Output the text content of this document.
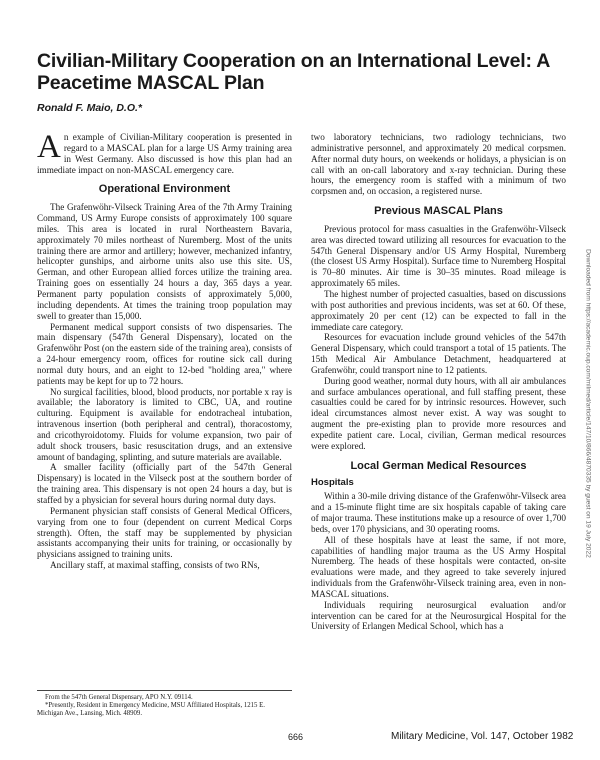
Civilian-Military Cooperation on an International Level: A Peacetime MASCAL Plan
Ronald F. Maio, D.O.*

An example of Civilian-Military cooperation is presented in regard to a MASCAL plan for a large US Army training area in West Germany. Also discussed is how this plan had an immediate impact on non-MASCAL emergency care.

Operational Environment

The Grafenwöhr-Vilseck Training Area of the 7th Army Training Command, US Army Europe consists of approximately 100 square miles. This area is located in rural Northeastern Bavaria, approximately 70 miles northeast of Nuremberg. Most of the units training there are armor and artillery; however, mechanized infantry, helicopter gunships, and airborne units also use this site. US, German, and other European allied forces utilize the training area. Training goes on essentially 24 hours a day, 365 days a year. Permanent party population consists of approximately 5,000, including dependents. At times the training troop population may swell to greater than 15,000.

Permanent medical support consists of two dispensaries. The main dispensary (547th General Dispensary), located on the Grafenwöhr Post (on the eastern side of the training area), consists of a 24-hour emergency room, offices for routine sick call during normal duty hours, and an eight to 12-bed "holding area," where patients may be kept for up to 72 hours.

No surgical facilities, blood, blood products, nor portable x ray is available; the laboratory is limited to CBC, UA, and routine culturing. Equipment is available for endotracheal intubation, intravenous insertion (both peripheral and central), thoracostomy, and cricothyroidotomy. Fluids for volume expansion, two pair of adult shock trousers, basic resuscitation drugs, and an extensive amount of bandaging, splinting, and suture materials are available.

A smaller facility (officially part of the 547th General Dispensary) is located in the Vilseck post at the southern border of the training area. This dispensary is not open 24 hours a day, but is staffed by a physician for several hours during normal duty days.

Permanent physician staff consists of General Medical Officers, varying from one to four (dependent on current Medical Corps strength). Often, the staff may be supplemented by physician assistants accompanying their units for training, or occasionally by physicians assigned to training units.

Ancillary staff, at maximal staffing, consists of two RNs,

two laboratory technicians, two radiology technicians, two administrative personnel, and approximately 20 medical corpsmen. After normal duty hours, on weekends or holidays, a physician is on call with an on-call laboratory and x-ray technician. During these hours, the emergency room is staffed with a minimum of two corpsmen and, on occasion, a registered nurse.

Previous MASCAL Plans

Previous protocol for mass casualties in the Grafenwöhr-Vilseck area was directed toward utilizing all resources for evacuation to the 547th General Dispensary and/or US Army Hospital, Nuremberg (the closest US Army Hospital). Surface time to Nuremberg Hospital is 70–80 minutes. Air time is 30–35 minutes. Road mileage is approximately 65 miles.

The highest number of projected casualties, based on discussions with post authorities and previous incidents, was set at 60. Of these, approximately 20 per cent (12) can be expected to fall in the immediate care category.

Resources for evacuation include ground vehicles of the 547th General Dispensary, which could transport a total of 15 patients. The 15th Medical Air Ambulance Detachment, headquartered at Grafenwöhr, could transport nine to 12 patients.

During good weather, normal duty hours, with all air ambulances and surface ambulances operational, and full staffing present, these casualties could be cared for by intrinsic resources. However, such ideal circumstances almost never exist. A way was sought to augment the pre-existing plan to provide more resources and expedite patient care. Local, civilian, German medical resources were explored.

Local German Medical Resources
Hospitals

Within a 30-mile driving distance of the Grafenwöhr-Vilseck area and a 15-minute flight time are six hospitals capable of taking care of major trauma. These institutions make up a resource of over 1,700 beds, over 170 physicians, and 30 operating rooms.

All of these hospitals have at least the same, if not more, capabilities of handling major trauma as the US Army Hospital Nuremberg. The heads of these hospitals were contacted, on-site evaluations were made, and they agreed to take severely injured individuals from the Grafenwöhr-Vilseck training area, even in non-MASCAL situations.

Individuals requiring neurosurgical evaluation and/or intervention can be cared for at the Neurosurgical Hospital for the University of Erlangen Medical School, which has a

From the 547th General Dispensary, APO N.Y. 09114.
*Presently, Resident in Emergency Medicine, MSU Affiliated Hospitals, 1215 E. Michigan Ave., Lansing, Mich. 48909.
Downloaded from https://academic.oup.com/milmed/article/147/10/866/4870335 by guest on 19 July 2022
666	Military Medicine, Vol. 147, October 1982
